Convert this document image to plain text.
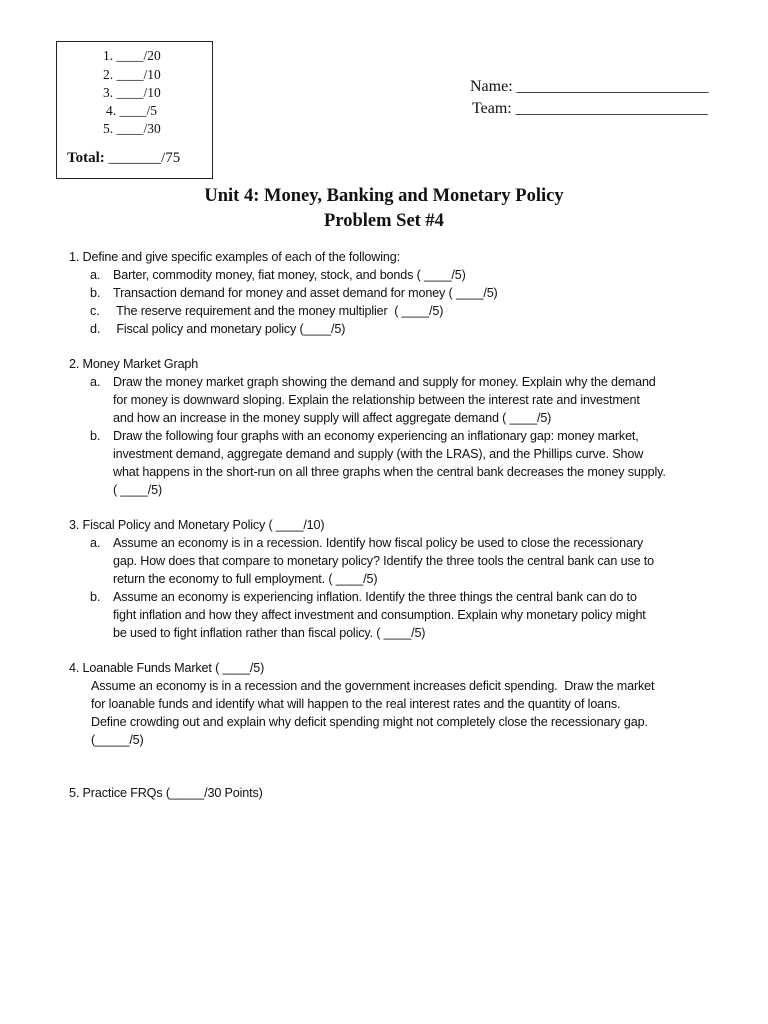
1. ____/20
2. ____/10
3. ____/10
4. ____/5
5. ____/30
Total: _______/75
Name: ________________________
Team: ________________________
Unit 4: Money, Banking and Monetary Policy
Problem Set #4
1. Define and give specific examples of each of the following:
a. Barter, commodity money, fiat money, stock, and bonds ( ____/5)
b. Transaction demand for money and asset demand for money ( ____/5)
c. The reserve requirement and the money multiplier  ( ____/5)
d. Fiscal policy and monetary policy (____/5)
2. Money Market Graph
a. Draw the money market graph showing the demand and supply for money. Explain why the demand
for money is downward sloping. Explain the relationship between the interest rate and investment
and how an increase in the money supply will affect aggregate demand ( ____/5)
b. Draw the following four graphs with an economy experiencing an inflationary gap: money market,
investment demand, aggregate demand and supply (with the LRAS), and the Phillips curve. Show
what happens in the short-run on all three graphs when the central bank decreases the money supply.
( ____/5)
3. Fiscal Policy and Monetary Policy ( ____/10)
a. Assume an economy is in a recession. Identify how fiscal policy be used to close the recessionary
gap. How does that compare to monetary policy? Identify the three tools the central bank can use to
return the economy to full employment. ( ____/5)
b. Assume an economy is experiencing inflation. Identify the three things the central bank can do to
fight inflation and how they affect investment and consumption. Explain why monetary policy might
be used to fight inflation rather than fiscal policy. ( ____/5)
4. Loanable Funds Market ( ____/5)
Assume an economy is in a recession and the government increases deficit spending.  Draw the market
for loanable funds and identify what will happen to the real interest rates and the quantity of loans.
Define crowding out and explain why deficit spending might not completely close the recessionary gap.
(_____/5)
5. Practice FRQs (_____/30 Points)
